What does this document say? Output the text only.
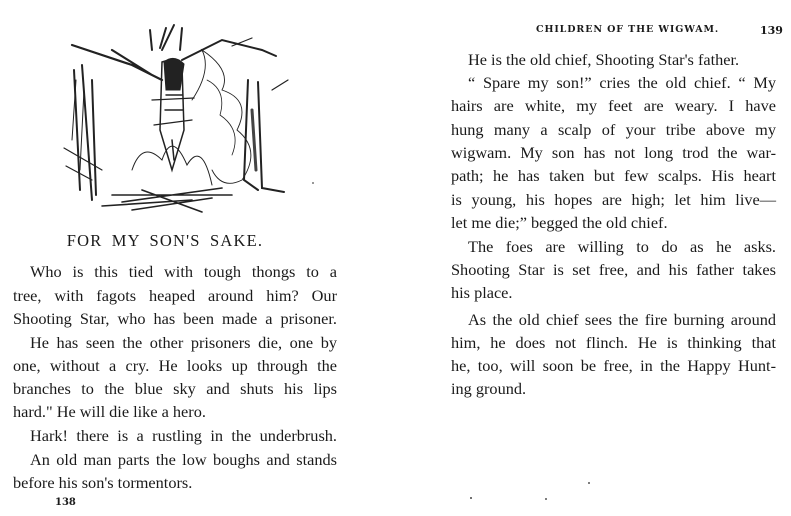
FOR MY SON'S SAKE.
Who is this tied with tough thongs to a
tree, with fagots heaped around him? Our
Shooting Star, who has been made a prisoner.
He has seen the other prisoners die, one by
one, without a cry. He looks up through the
branches to the blue sky and shuts his lips
hard." He will die like a hero.
Hark! there is a rustling in the underbrush.
An old man parts the low boughs and stands
before his son's tormentors.
138
CHILDREN OF THE WIGWAM.	139
He is the old chief, Shooting Star's father.
“ Spare my son!” cries the old chief. “ My
hairs are white, my feet are weary. I have
hung many a scalp of your tribe above my
wigwam. My son has not long trod the war-
path; he has taken but few scalps. His heart
is young, his hopes are high; let him live—
let me die;” begged the old chief.
The foes are willing to do as he asks.
Shooting Star is set free, and his father takes
his place.
As the old chief sees the fire burning around
him, he does not flinch. He is thinking that
he, too, will soon be free, in the Happy Hunt-
ing ground.
